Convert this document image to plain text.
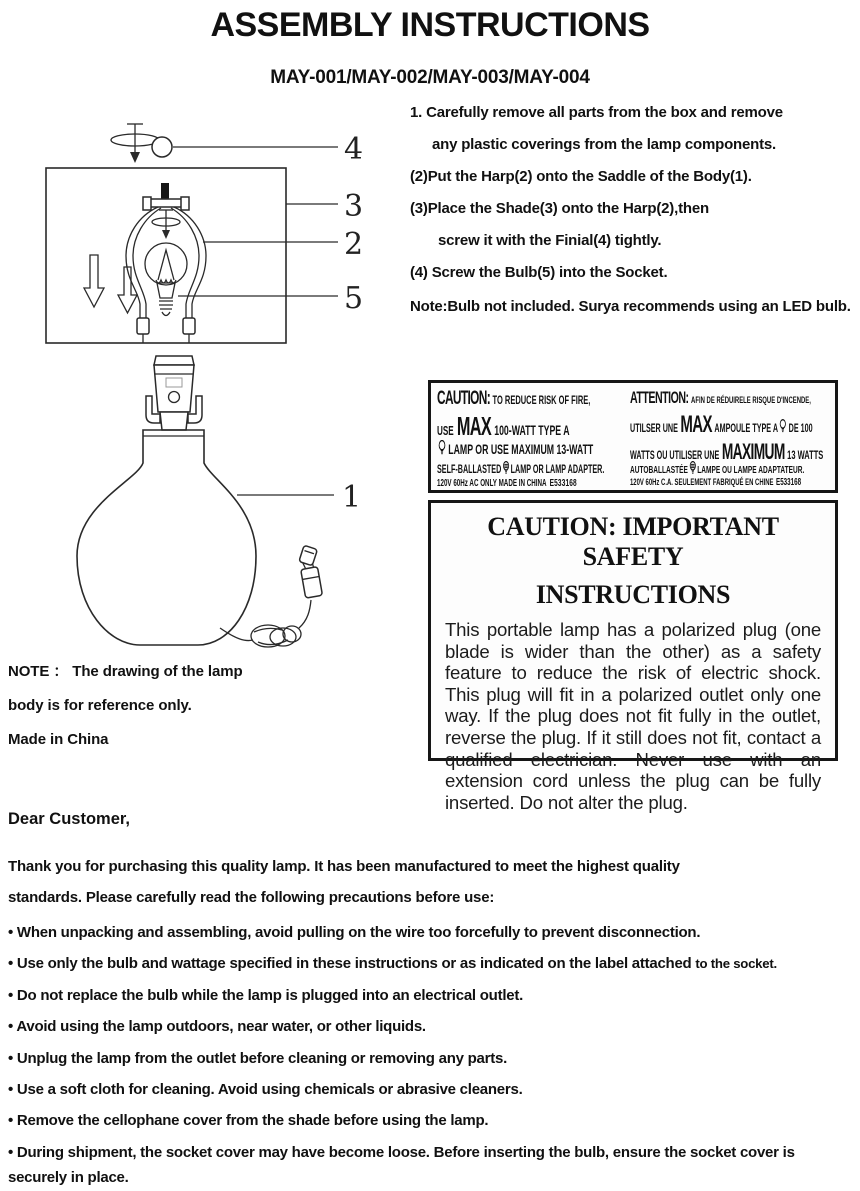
ASSEMBLY INSTRUCTIONS
MAY-001/MAY-002/MAY-003/MAY-004
1. Carefully remove all parts from the box and remove
any plastic coverings from the lamp components.
(2)Put the Harp(2) onto the Saddle of the Body(1).
(3)Place the Shade(3) onto the Harp(2),then
screw it with the Finial(4) tightly.
(4) Screw the Bulb(5) into the Socket.
Note:Bulb not included. Surya recommends using an LED bulb.
4
3
2
5
1
NOTE ： The drawing of the lamp
body is for reference only.
Made in China
CAUTION: TO REDUCE RISK OF FIRE,
USE MAX 100-WATT TYPE A
LAMP OR USE MAXIMUM 13-WATT
SELF-BALLASTED LAMP OR LAMP ADAPTER.
120V 60Hz AC ONLY MADE IN CHINA E533168
ATTENTION: AFIN DE RÉDUIRELE RISQUE D'INCENDE,
UTILSER UNE MAX AMPOULE TYPE A DE 100
WATTS OU UTILISER UNE MAXIMUM 13 WATTS
AUTOBALLASTÉE LAMPE OU LAMPE ADAPTATEUR.
120V 60Hz C.A. SEULEMENT FABRIQUÉ EN CHINE E533168
CAUTION: IMPORTANT SAFETY
INSTRUCTIONS
This portable lamp has a polarized plug (one blade is wider than the other) as a safety feature to reduce the risk of electric shock. This plug will fit in a polarized outlet only one way. If the plug does not fit fully in the outlet, reverse the plug. If it still does not fit, contact a qualified electrician. Never use with an extension cord unless the plug can be fully inserted. Do not alter the plug.
Dear Customer,
Thank you for purchasing this quality lamp. It has been manufactured to meet the highest quality
standards. Please carefully read the following precautions before use:
• When unpacking and assembling, avoid pulling on the wire too forcefully to prevent disconnection.
• Use only the bulb and wattage specified in these instructions or as indicated on the label attached to the socket.
• Do not replace the bulb while the lamp is plugged into an electrical outlet.
• Avoid using the lamp outdoors, near water, or other liquids.
• Unplug the lamp from the outlet before cleaning or removing any parts.
• Use a soft cloth for cleaning. Avoid using chemicals or abrasive cleaners.
• Remove the cellophane cover from the shade before using the lamp.
• During shipment, the socket cover may have become loose. Before inserting the bulb, ensure the socket cover is securely in place.
